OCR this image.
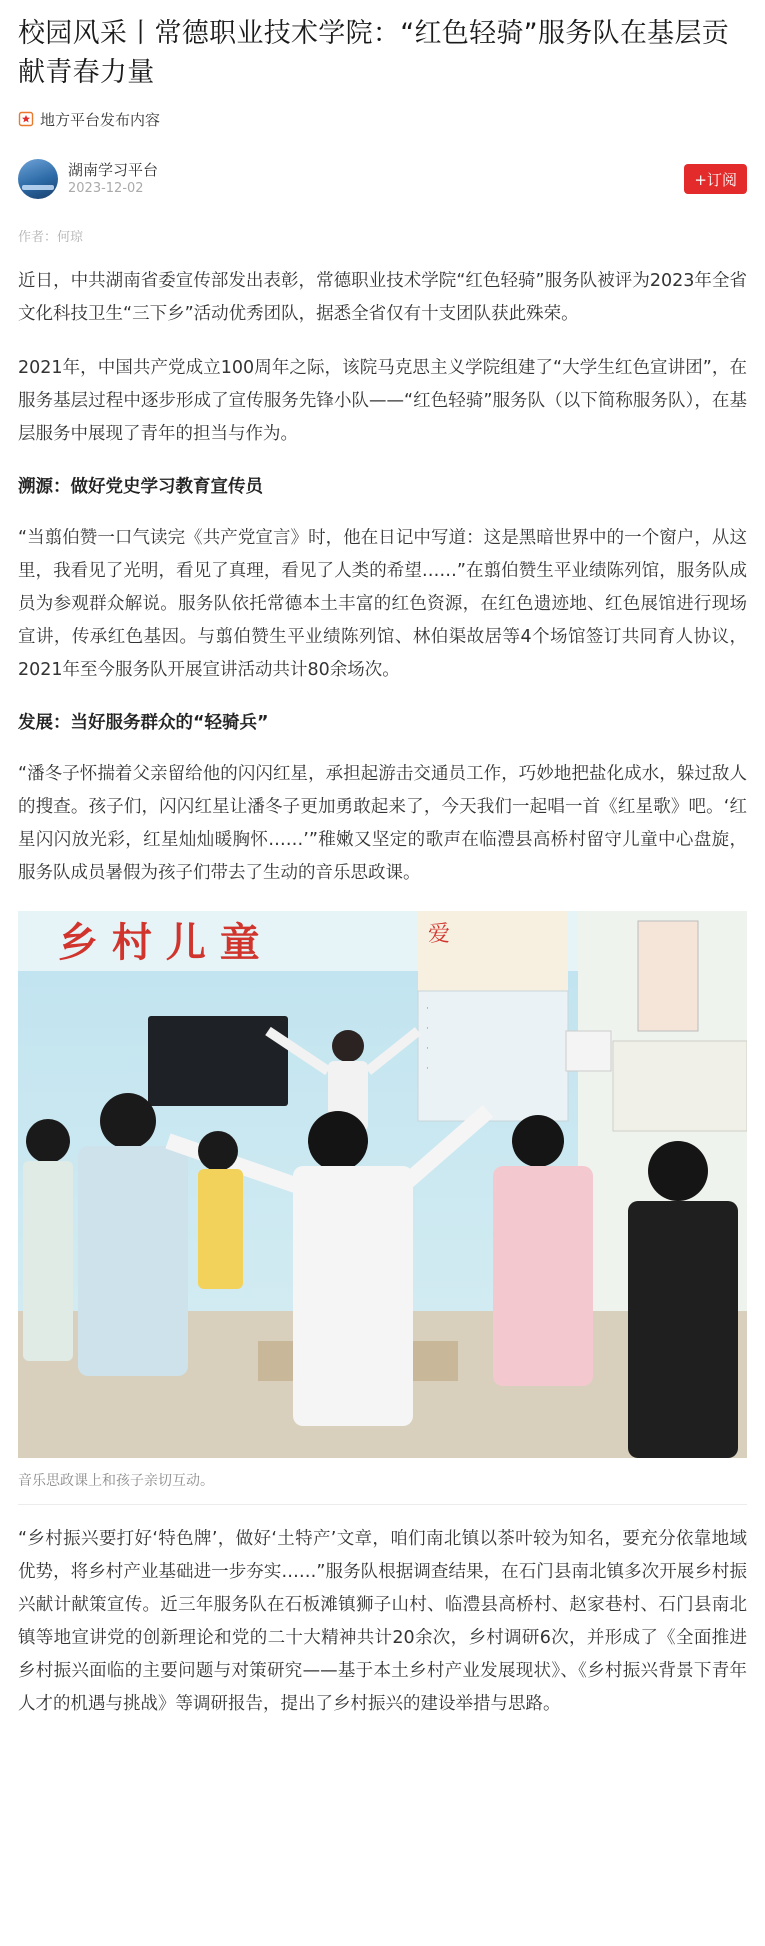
校园风采丨常德职业技术学院：“红色轻骑”服务队在基层贡献青春力量
地方平台发布内容
湖南学习平台
2023-12-02	+订阅
作者：何琼

近日，中共湖南省委宣传部发出表彰，常德职业技术学院“红色轻骑”服务队被评为2023年全省文化科技卫生“三下乡”活动优秀团队，据悉全省仅有十支团队获此殊荣。

2021年，中国共产党成立100周年之际，该院马克思主义学院组建了“大学生红色宣讲团”，在服务基层过程中逐步形成了宣传服务先锋小队——“红色轻骑”服务队（以下简称服务队），在基层服务中展现了青年的担当与作为。

溯源：做好党史学习教育宣传员

“当翦伯赞一口气读完《共产党宣言》时，他在日记中写道：这是黑暗世界中的一个窗户，从这里，我看见了光明，看见了真理，看见了人类的希望……”在翦伯赞生平业绩陈列馆，服务队成员为参观群众解说。服务队依托常德本土丰富的红色资源，在红色遗迹地、红色展馆进行现场宣讲，传承红色基因。与翦伯赞生平业绩陈列馆、林伯渠故居等4个场馆签订共同育人协议，2021年至今服务队开展宣讲活动共计80余场次。

发展：当好服务群众的“轻骑兵”

“潘冬子怀揣着父亲留给他的闪闪红星，承担起游击交通员工作，巧妙地把盐化成水，躲过敌人的搜查。孩子们，闪闪红星让潘冬子更加勇敢起来了，今天我们一起唱一首《红星歌》吧。‘红星闪闪放光彩，红星灿灿暖胸怀……’”稚嫩又坚定的歌声在临澧县高桥村留守儿童中心盘旋，服务队成员暑假为孩子们带去了生动的音乐思政课。

乡 村 儿 童	爱
·
·
·
·
音乐思政课上和孩子亲切互动。

“乡村振兴要打好‘特色牌’，做好‘土特产’文章，咱们南北镇以茶叶较为知名，要充分依靠地域优势，将乡村产业基础进一步夯实……”服务队根据调查结果，在石门县南北镇多次开展乡村振兴献计献策宣传。近三年服务队在石板滩镇狮子山村、临澧县高桥村、赵家巷村、石门县南北镇等地宣讲党的创新理论和党的二十大精神共计20余次，乡村调研6次，并形成了《全面推进乡村振兴面临的主要问题与对策研究——基于本土乡村产业发展现状》、《乡村振兴背景下青年人才的机遇与挑战》等调研报告，提出了乡村振兴的建设举措与思路。
